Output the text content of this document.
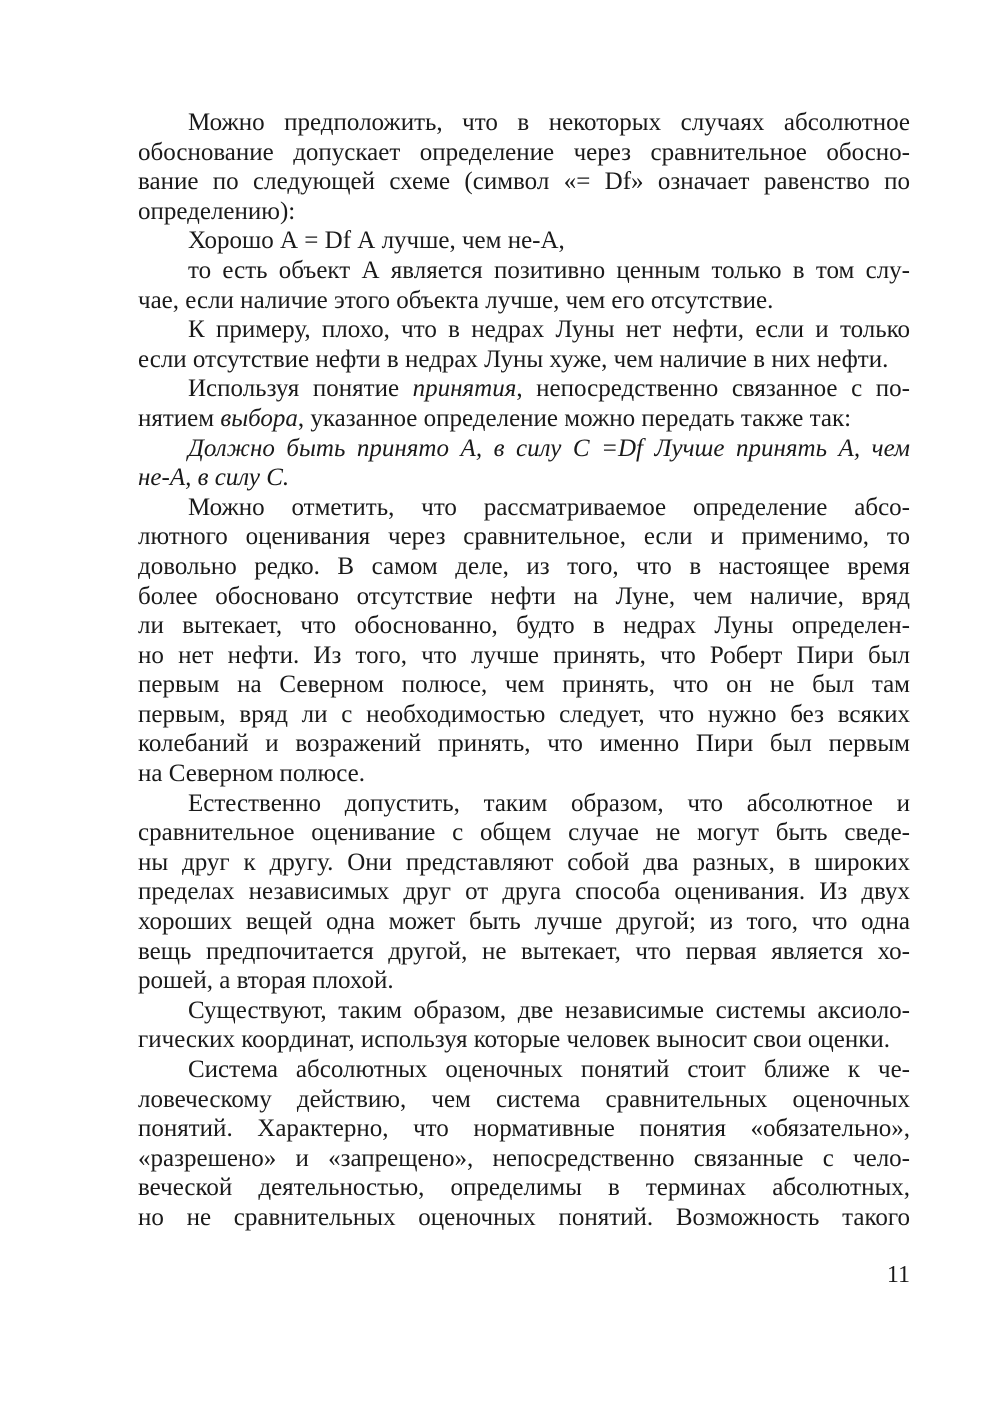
Можно предположить, что в некоторых случаях абсолютное
обоснование допускает определение через сравнительное обосно-
вание по следующей схеме (символ «= Df» означает равенство по
определению):
Хорошо А = Df А лучше, чем не-А,
то есть объект А является позитивно ценным только в том слу-
чае, если наличие этого объекта лучше, чем его отсутствие.
К примеру, плохо, что в недрах Луны нет нефти, если и только
если отсутствие нефти в недрах Луны хуже, чем наличие в них нефти.
Используя понятие принятия, непосредственно связанное с по-
нятием выбора, указанное определение можно передать также так:
Должно быть принято А, в силу С =Df Лучше принять А, чем
не-А, в силу С.
Можно отметить, что рассматриваемое определение абсо-
лютного оценивания через сравнительное, если и применимо, то
довольно редко. В самом деле, из того, что в настоящее время
более обосновано отсутствие нефти на Луне, чем наличие, вряд
ли вытекает, что обоснованно, будто в недрах Луны определен-
но нет нефти. Из того, что лучше принять, что Роберт Пири был
первым на Северном полюсе, чем принять, что он не был там
первым, вряд ли с необходимостью следует, что нужно без всяких
колебаний и возражений принять, что именно Пири был первым
на Северном полюсе.
Естественно допустить, таким образом, что абсолютное и
сравнительное оценивание с общем случае не могут быть сведе-
ны друг к другу. Они представляют собой два разных, в широких
пределах независимых друг от друга способа оценивания. Из двух
хороших вещей одна может быть лучше другой; из того, что одна
вещь предпочитается другой, не вытекает, что первая является хо-
рошей, а вторая плохой.
Существуют, таким образом, две независимые системы аксиоло-
гических координат, используя которые человек выносит свои оценки.
Система абсолютных оценочных понятий стоит ближе к че-
ловеческому действию, чем система сравнительных оценочных
понятий. Характерно, что нормативные понятия «обязательно»,
«разрешено» и «запрещено», непосредственно связанные с чело-
веческой деятельностью, определимы в терминах абсолютных,
но не сравнительных оценочных понятий. Возможность такого
11
